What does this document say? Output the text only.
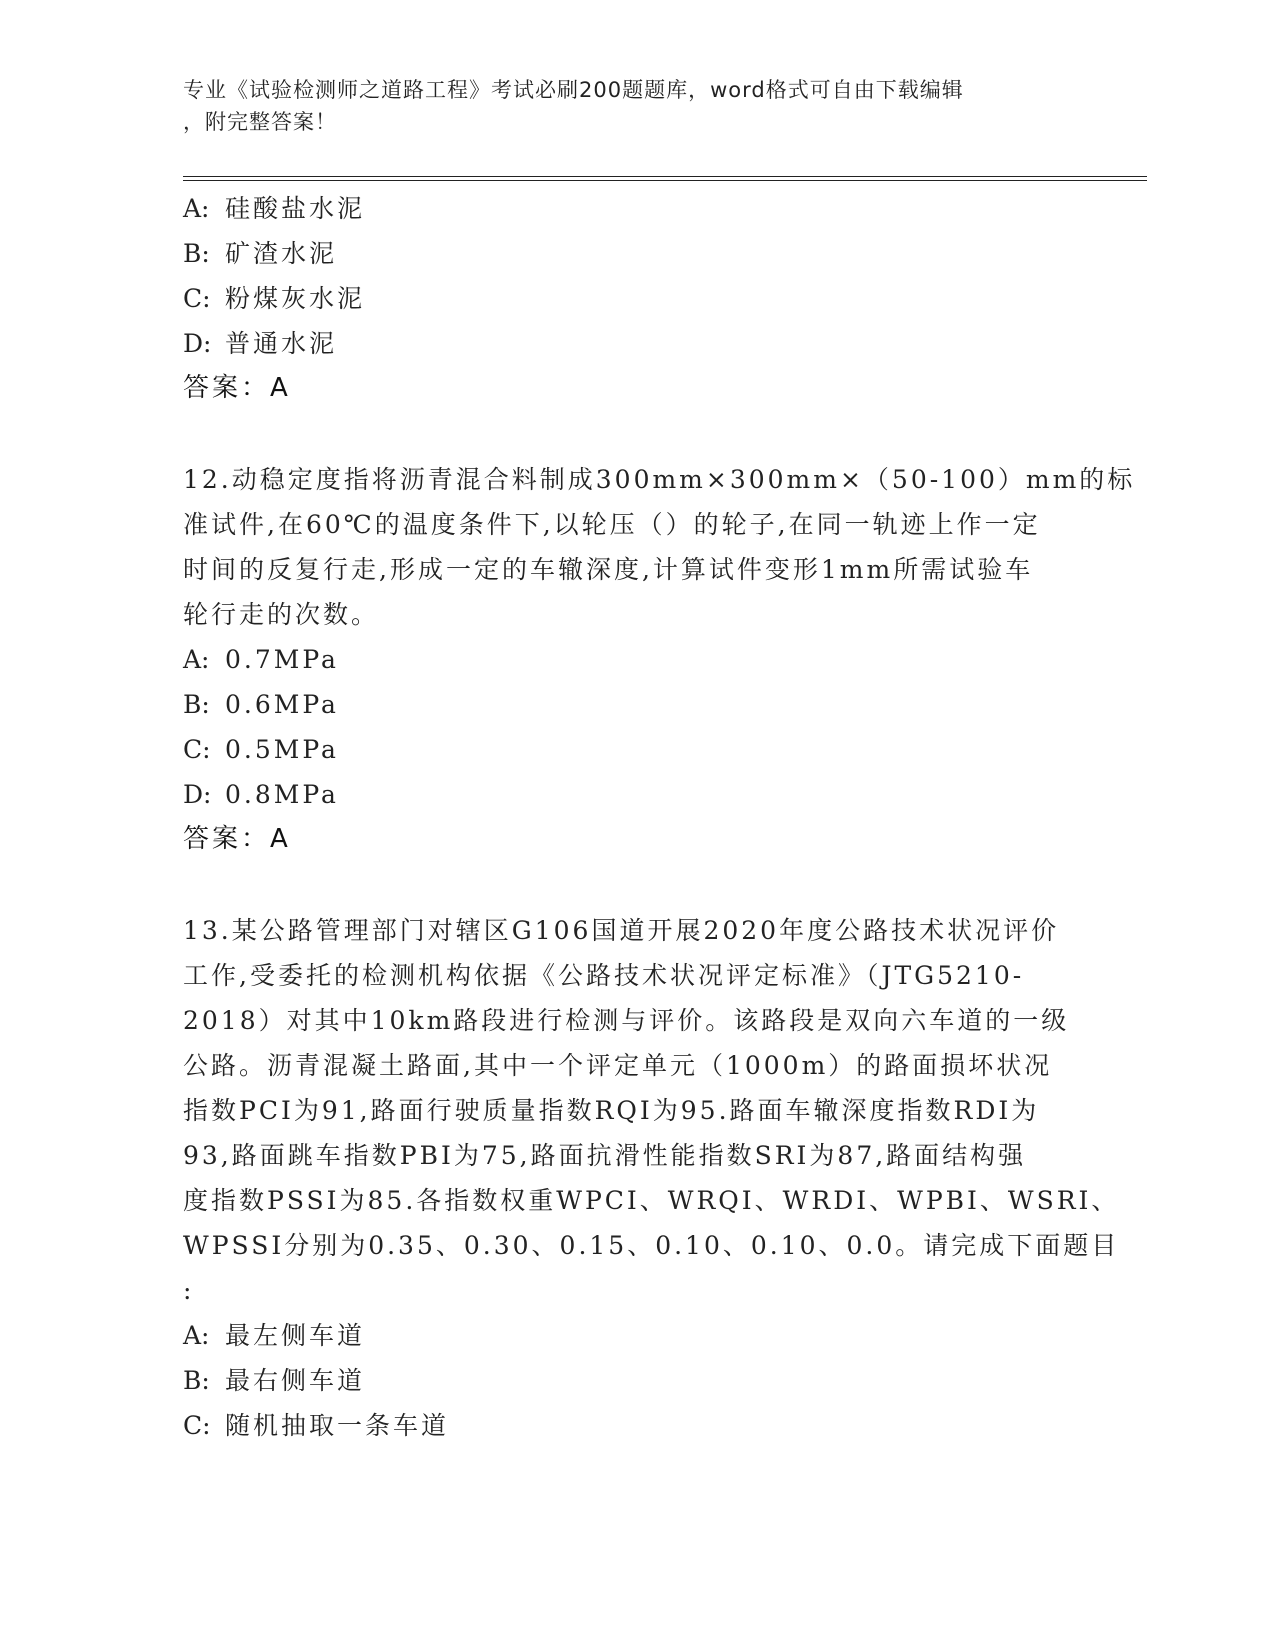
专业《试验检测师之道路工程》考试必刷200题题库，word格式可自由下载编辑
，附完整答案！
A: 硅酸盐水泥
B: 矿渣水泥
C: 粉煤灰水泥
D: 普通水泥
答案：A
12.动稳定度指将沥青混合料制成300mm×300mm×（50-100）mm的标
准试件,在60℃的温度条件下,以轮压（）的轮子,在同一轨迹上作一定
时间的反复行走,形成一定的车辙深度,计算试件变形1mm所需试验车
轮行走的次数。
A: 0.7MPa
B: 0.6MPa
C: 0.5MPa
D: 0.8MPa
答案：A
13.某公路管理部门对辖区G106国道开展2020年度公路技术状况评价
工作,受委托的检测机构依据《公路技术状况评定标准》（JTG5210-
2018）对其中10km路段进行检测与评价。该路段是双向六车道的一级
公路。沥青混凝土路面,其中一个评定单元（1000m）的路面损坏状况
指数PCI为91,路面行驶质量指数RQI为95.路面车辙深度指数RDI为
93,路面跳车指数PBI为75,路面抗滑性能指数SRI为87,路面结构强
度指数PSSI为85.各指数权重WPCI、WRQI、WRDI、WPBI、WSRI、
WPSSI分别为0.35、0.30、0.15、0.10、0.10、0.0。请完成下面题目
:
A: 最左侧车道
B: 最右侧车道
C: 随机抽取一条车道
